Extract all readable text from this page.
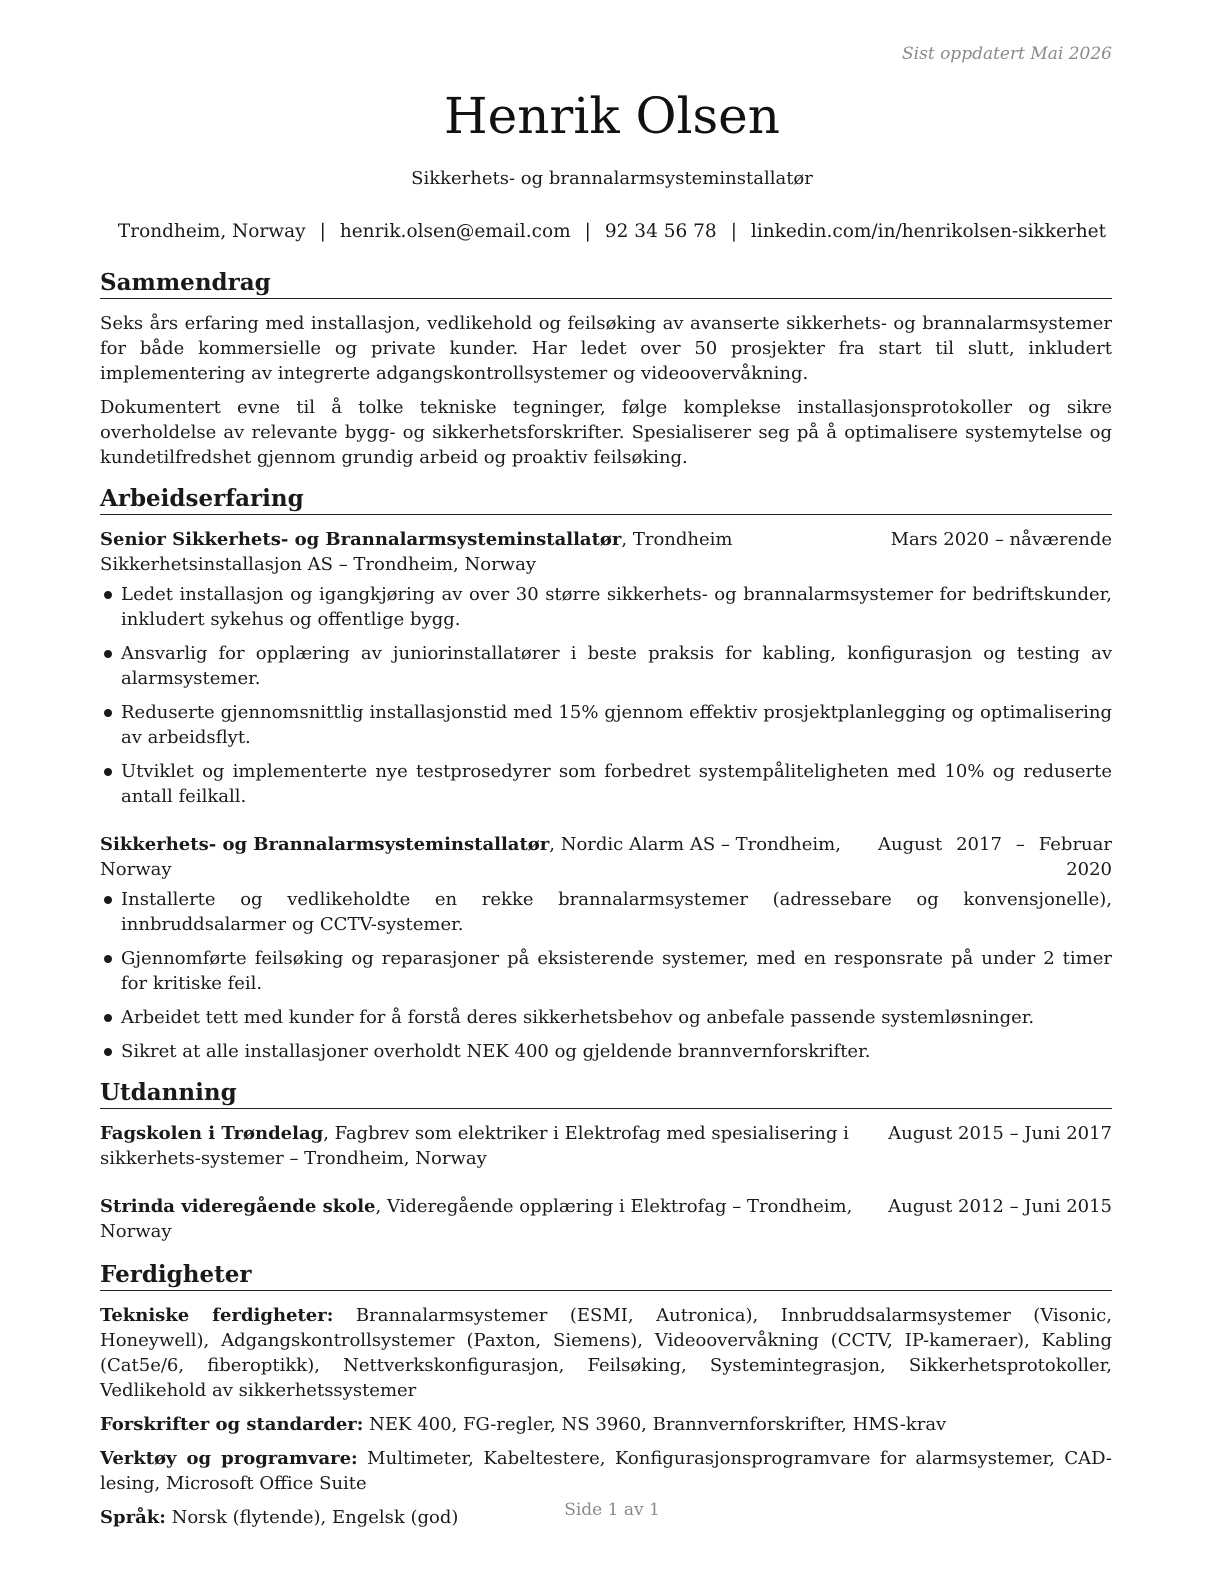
Sist oppdatert Mai 2026
Henrik Olsen
Sikkerhets- og brannalarmsysteminstallatør
Trondheim, Norway | henrik.olsen@email.com | 92 34 56 78 | linkedin.com/in/henrikolsen-sikkerhet
Sammendrag

Seks års erfaring med installasjon, vedlikehold og feilsøking av avanserte sikkerhets- og brannalarmsystemer for både kommersielle og private kunder. Har ledet over 50 prosjekter fra start til slutt, inkludert implementering av integrerte adgangskontrollsystemer og videoovervåkning.

Dokumentert evne til å tolke tekniske tegninger, følge komplekse installasjonsprotokoller og sikre overholdelse av relevante bygg- og sikkerhetsforskrifter. Spesialiserer seg på å optimalisere systemytelse og kundetilfredshet gjennom grundig arbeid og proaktiv feilsøking.

Arbeidserfaring
Senior Sikkerhets- og Brannalarmsysteminstallatør, Trondheim Sikkerhetsinstallasjon AS – Trondheim, Norway
Mars 2020 – nåværende
Ledet installasjon og igangkjøring av over 30 større sikkerhets- og brannalarmsystemer for bedriftskunder, inkludert sykehus og offentlige bygg.
Ansvarlig for opplæring av juniorinstallatører i beste praksis for kabling, konfigurasjon og testing av alarmsystemer.
Reduserte gjennomsnittlig installasjonstid med 15% gjennom effektiv prosjektplanlegging og optimalisering av arbeidsflyt.
Utviklet og implementerte nye testprosedyrer som forbedret systempåliteligheten med 10% og reduserte antall feilkall.
Sikkerhets- og Brannalarmsysteminstallatør, Nordic Alarm AS – Trondheim, Norway
August 2017 – Februar 2020
Installerte og vedlikeholdte en rekke brannalarmsystemer (adressebare og konvensjonelle), innbruddsalarmer og CCTV-systemer.
Gjennomførte feilsøking og reparasjoner på eksisterende systemer, med en responsrate på under 2 timer for kritiske feil.
Arbeidet tett med kunder for å forstå deres sikkerhetsbehov og anbefale passende systemløsninger.
Sikret at alle installasjoner overholdt NEK 400 og gjeldende brannvernforskrifter.
Utdanning
Fagskolen i Trøndelag, Fagbrev som elektriker i Elektrofag med spesialisering i sikkerhets-systemer – Trondheim, Norway
August 2015 – Juni 2017
Strinda videregående skole, Videregående opplæring i Elektrofag – Trondheim, Norway
August 2012 – Juni 2015
Ferdigheter
Tekniske ferdigheter: Brannalarmsystemer (ESMI, Autronica), Innbruddsalarmsystemer (Visonic, Honeywell), Adgangskontrollsystemer (Paxton, Siemens), Videoovervåkning (CCTV, IP-kameraer), Kabling (Cat5e/6, fiberoptikk), Nettverkskonfigurasjon, Feilsøking, Systemintegrasjon, Sikkerhetsprotokoller, Vedlikehold av sikkerhetssystemer
Forskrifter og standarder: NEK 400, FG-regler, NS 3960, Brannvernforskrifter, HMS-krav
Verktøy og programvare: Multimeter, Kabeltestere, Konfigurasjonsprogramvare for alarmsystemer, CAD-lesing, Microsoft Office Suite
Språk: Norsk (flytende), Engelsk (god)	Side 1 av 1
